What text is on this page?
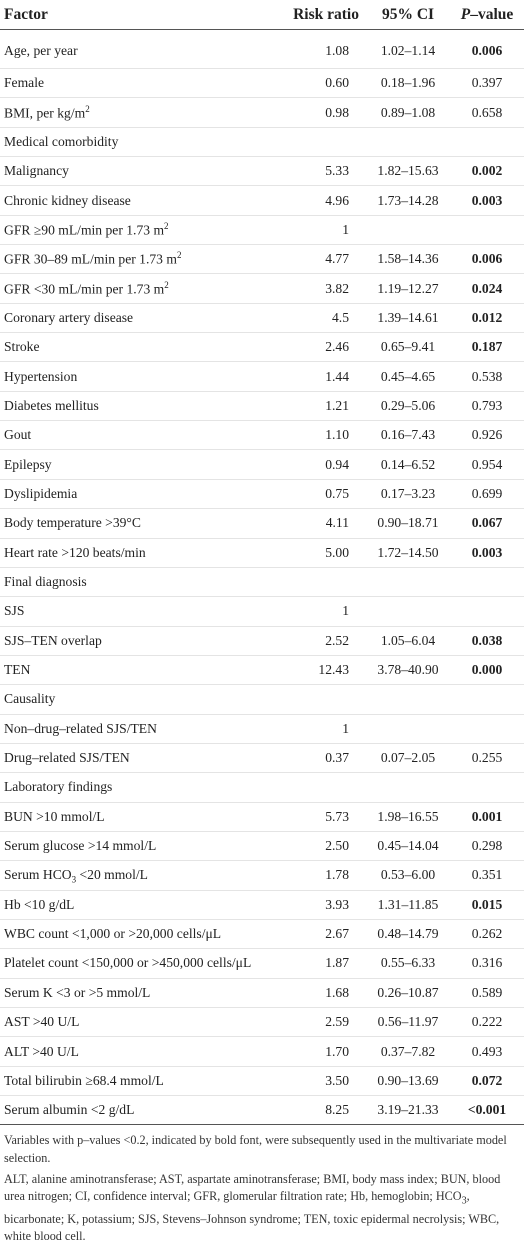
Factor	Risk ratio	95% CI	P–value
Age, per year	1.08	1.02–1.14	0.006
Female	0.60	0.18–1.96	0.397
BMI, per $kg/m^2$	0.98	0.89–1.08	0.658
Medical comorbidity			
Malignancy	5.33	1.82–15.63	0.002
Chronic kidney disease	4.96	1.73–14.28	0.003
GFR ≥90 mL/min per 1.73 $m^2$	1		
GFR 30–89 mL/min per 1.73 $m^2$	4.77	1.58–14.36	0.006
GFR <30 mL/min per 1.73 $m^2$	3.82	1.19–12.27	0.024
Coronary artery disease	4.5	1.39–14.61	0.012
Stroke	2.46	0.65–9.41	0.187
Hypertension	1.44	0.45–4.65	0.538
Diabetes mellitus	1.21	0.29–5.06	0.793
Gout	1.10	0.16–7.43	0.926
Epilepsy	0.94	0.14–6.52	0.954
Dyslipidemia	0.75	0.17–3.23	0.699
Body temperature >39°C	4.11	0.90–18.71	0.067
Heart rate >120 beats/min	5.00	1.72–14.50	0.003
Final diagnosis			
SJS	1		
SJS–TEN overlap	2.52	1.05–6.04	0.038
TEN	12.43	3.78–40.90	0.000
Causality			
Non–drug–related SJS/TEN	1		
Drug–related SJS/TEN	0.37	0.07–2.05	0.255
Laboratory findings			
BUN >10 mmol/L	5.73	1.98–16.55	0.001
Serum glucose >14 mmol/L	2.50	0.45–14.04	0.298
Serum $HCO_3 <20$ mmol/L	1.78	0.53–6.00	0.351
Hb <10 g/dL	3.93	1.31–11.85	0.015
WBC count <1,000 or >20,000 cells/μL	2.67	0.48–14.79	0.262
Platelet count <150,000 or >450,000 cells/μL	1.87	0.55–6.33	0.316
Serum K <3 or >5 mmol/L	1.68	0.26–10.87	0.589
AST >40 U/L	2.59	0.56–11.97	0.222
ALT >40 U/L	1.70	0.37–7.82	0.493
Total bilirubin ≥68.4 mmol/L	3.50	0.90–13.69	0.072
Serum albumin <2 g/dL	8.25	3.19–21.33	<0.001

Variables with p–values <0.2, indicated by bold font, were subsequently used in the multivariate model selection.

ALT, alanine aminotransferase; AST, aspartate aminotransferase; BMI, body mass index; BUN, blood urea nitrogen; CI, confidence interval; GFR, glomerular filtration rate; Hb, hemoglobin; $HCO_3$, bicarbonate; K, potassium; SJS, Stevens–Johnson syndrome; TEN, toxic epidermal necrolysis; WBC, white blood cell.
